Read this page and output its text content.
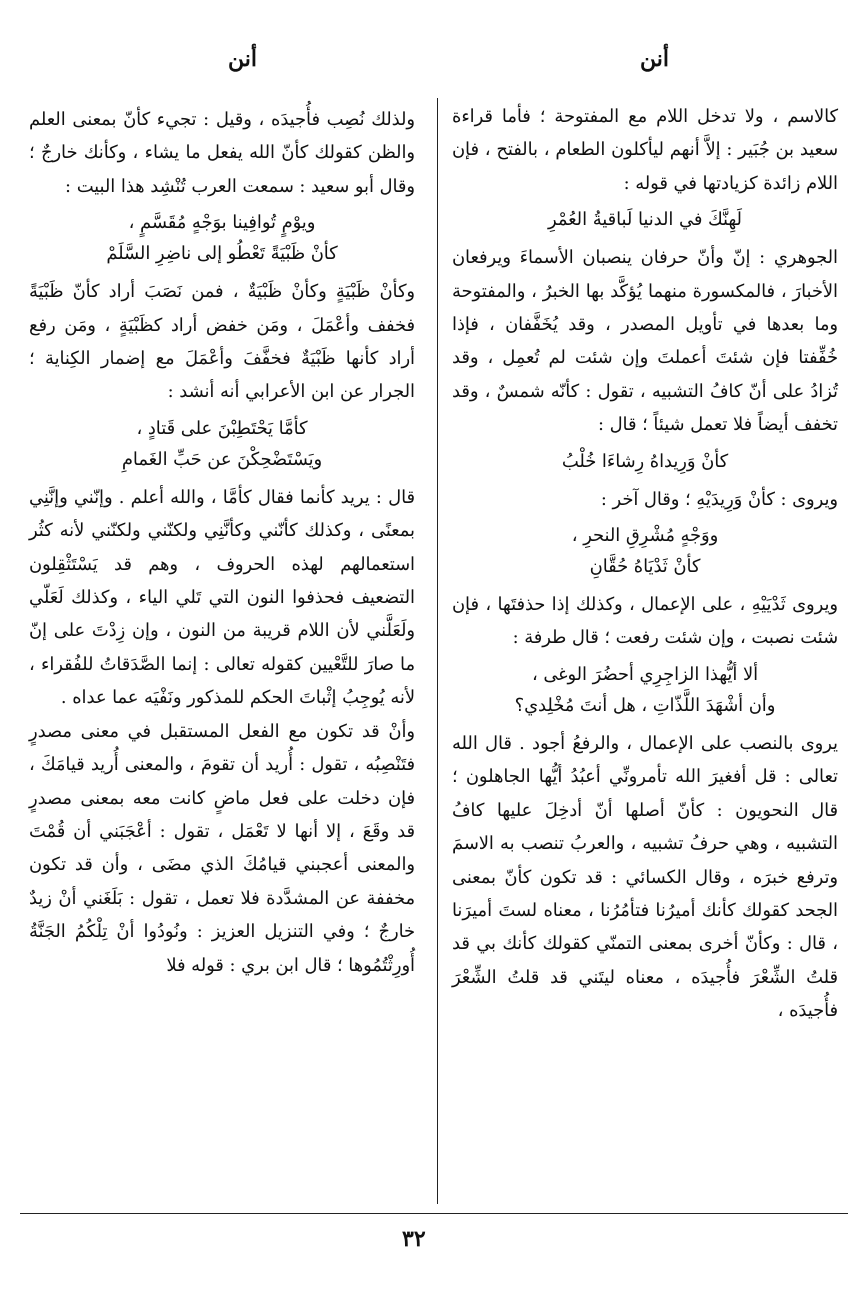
أنن
أنن

كالاسم ، ولا تدخل اللام مع المفتوحة ؛ فأما قراءة سعيد بن جُبَير : إلاَّ أنهم ليأكلون الطعام ، بالفتح ، فإن اللام زائدة كزيادتها في قوله :

لَهِنَّكَ في الدنيا لَباقيةُ العُمْرِ

الجوهري : إنّ وأنّ حرفان ينصبان الأسماءَ ويرفعان الأخبارَ ، فالمكسورة منهما يُؤكَّد بها الخبرُ ، والمفتوحة وما بعدها في تأويل المصدر ، وقد يُخَفَّفان ، فإذا خُفِّفتا فإن شئتَ أعملتَ وإن شئت لم تُعمِل ، وقد تُزادُ على أنّ كافُ التشبيه ، تقول : كأنّه شمسٌ ، وقد تخفف أيضاً فلا تعمل شيئاً ؛ قال :

كأنْ وَرِيداهُ رِشاءَا خُلْبُ

ويروى : كأنْ وَرِيدَيْهِ ؛ وقال آخر :

ووَجْهٍ مُشْرِقِ النحرِ ،
كأنْ ثَدْيَاهُ حُقَّانِ

ويروى ثَدْيَيْهِ ، على الإعمال ، وكذلك إذا حذفتَها ، فإن شئت نصبت ، وإن شئت رفعت ؛ قال طرفة :

ألا أيُّهذا الزاجِرِي أحضُرَ الوغى ،
وأن أشْهَدَ اللَّذّاتِ ، هل أنتَ مُخْلِدي؟

يروى بالنصب على الإعمال ، والرفعُ أجود . قال الله تعالى : قل أفغيرَ الله تأمرونِّي أعبُدُ أيُّها الجاهلون ؛ قال النحويون : كأنّ أصلها أنّ أدخِلَ عليها كافُ التشبيه ، وهي حرفُ تشبيه ، والعربُ تنصب به الاسمَ وترفع خبرَه ، وقال الكسائي : قد تكون كأنّ بمعنى الجحد كقولك كأنك أميرُنا فتأمُرُنا ، معناه لستَ أميرَنا ، قال : وكأنّ أخرى بمعنى التمنّي كقولك كأنك بي قد قلتُ الشِّعْرَ فأُجيدَه ، معناه ليتَني قد قلتُ الشِّعْرَ فأُجيدَه ،

ولذلك نُصِب فأُجيدَه ، وقيل : تجيء كأنّ بمعنى العلم والظن كقولك كأنّ الله يفعل ما يشاء ، وكأنك خارجٌ ؛ وقال أبو سعيد : سمعت العرب تُنْشِد هذا البيت :

ويوْمٍ تُوافِينا بوَجْهٍ مُقَسَّمٍ ،
كأنْ ظَبْيَةً تَعْطُو إلى ناضِرِ السَّلَمْ

وكأنْ ظَبْيَةٍ وكأنْ ظَبْيَةٌ ، فمن نَصَبَ أراد كأنّ ظَبْيَةً فخفف وأعْمَلَ ، ومَن خفض أراد كظَبْيَةٍ ، ومَن رفع أراد كأنها ظَبْيَةٌ فخفَّفَ وأعْمَلَ مع إضمار الكِناية ؛ الجرار عن ابن الأعرابي أنه أنشد :

كأمَّا يَحْتَطِبْنَ على قَتادٍ ،
ويَسْتَضْحِكْنَ عن حَبِّ الغَمامِ

قال : يريد كأنما فقال كأمَّا ، والله أعلم . وإنّني وإنَّنِي بمعنًى ، وكذلك كأنّني وكأنَّنِي ولكنّني ولكنّني لأنه كثُر استعمالهم لهذه الحروف ، وهم قد يَسْتَثْقِلون التضعيف فحذفوا النون التي تَلي الياء ، وكذلك لَعَلّي ولَعَلَّني لأن اللام قريبة من النون ، وإن زِدْتَ على إنّ ما صارَ للتَّعْيين كقوله تعالى : إنما الصَّدَقاتُ للفُقراء ، لأنه يُوجِبُ إثْباتَ الحكم للمذكور ونَفْيَه عما عداه .

وأنْ قد تكون مع الفعل المستقبل في معنى مصدرٍ فتَنْصِبُه ، تقول : أُريد أن تقومَ ، والمعنى أُريد قيامَكَ ، فإن دخلت على فعل ماضٍ كانت معه بمعنى مصدرٍ قد وقَعَ ، إلا أنها لا تَعْمَل ، تقول : أعْجَبَني أن قُمْتَ والمعنى أعجبني قيامُكَ الذي مضَى ، وأن قد تكون مخففة عن المشدَّدة فلا تعمل ، تقول : بَلَغَني أنْ زيدٌ خارجٌ ؛ وفي التنزيل العزيز : ونُودُوا أنْ تِلْكُمُ الجَنَّةُ أُورِثْتُمُوها ؛ قال ابن بري : قوله فلا

٣٢
